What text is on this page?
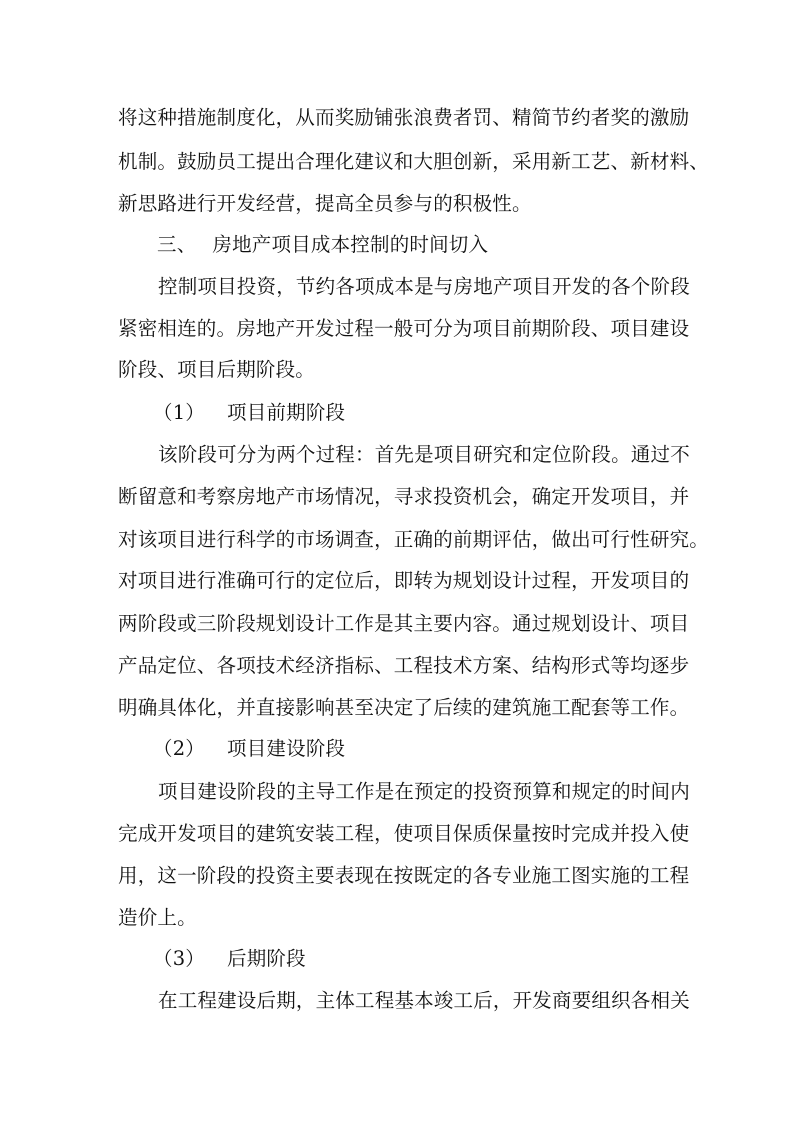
将这种措施制度化，从而奖励铺张浪费者罚、精简节约者奖的激励
机制。鼓励员工提出合理化建议和大胆创新，采用新工艺、新材料、
新思路进行开发经营，提高全员参与的积极性。
三、 房地产项目成本控制的时间切入
控制项目投资，节约各项成本是与房地产项目开发的各个阶段
紧密相连的。房地产开发过程一般可分为项目前期阶段、项目建设
阶段、项目后期阶段。
（1） 项目前期阶段
该阶段可分为两个过程：首先是项目研究和定位阶段。通过不
断留意和考察房地产市场情况，寻求投资机会，确定开发项目，并
对该项目进行科学的市场调查，正确的前期评估，做出可行性研究。
对项目进行准确可行的定位后，即转为规划设计过程，开发项目的
两阶段或三阶段规划设计工作是其主要内容。通过规划设计、项目
产品定位、各项技术经济指标、工程技术方案、结构形式等均逐步
明确具体化，并直接影响甚至决定了后续的建筑施工配套等工作。
（2） 项目建设阶段
项目建设阶段的主导工作是在预定的投资预算和规定的时间内
完成开发项目的建筑安装工程，使项目保质保量按时完成并投入使
用，这一阶段的投资主要表现在按既定的各专业施工图实施的工程
造价上。
（3） 后期阶段
在工程建设后期，主体工程基本竣工后，开发商要组织各相关
